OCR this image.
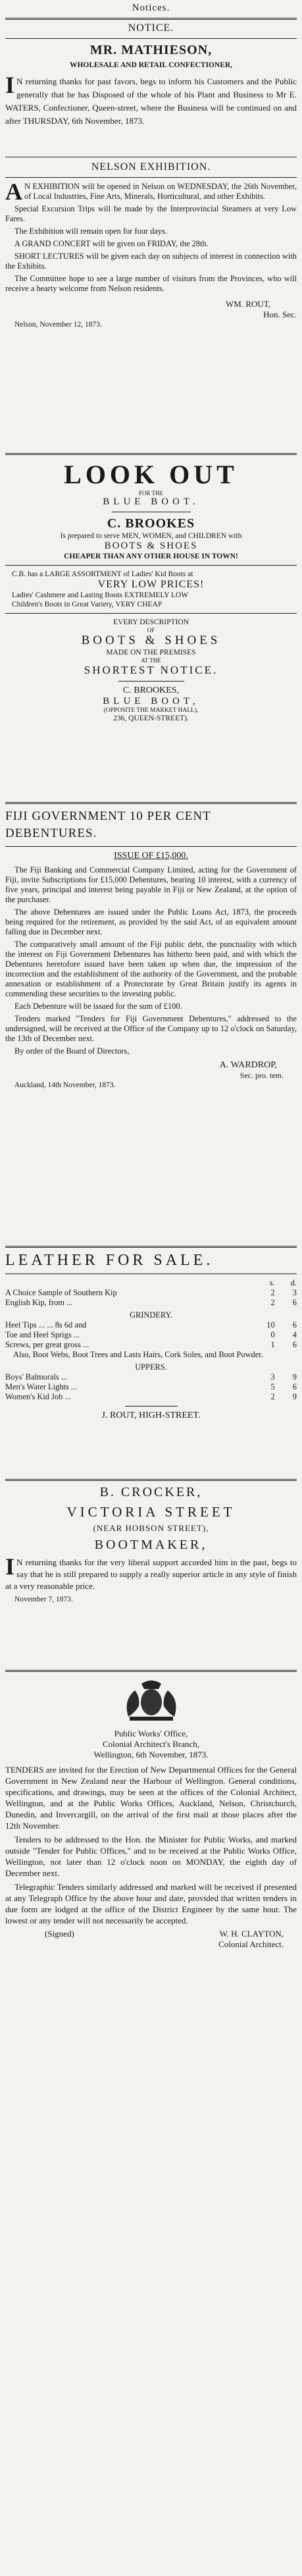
Notices.

NOTICE.

MR. MATHIESON,

WHOLESALE AND RETAIL CONFECTIONER,

I N returning thanks for past favors, begs to inform his Customers and the Public generally that he has Disposed of the whole of his Plant and Business to Mr E. WATERS, Confectioner, Queen-street, where the Business will be continued on and after THURSDAY, 6th November, 1873.

NELSON EXHIBITION.

A N EXHIBITION will be opened in Nelson on WEDNESDAY, the 26th November, of Local Industries, Fine Arts, Minerals, Horticultural, and other Exhibits.

Special Excursion Trips will be made by the Interprovincial Steamers at very Low Fares.

The Exhibition will remain open for four days.

A GRAND CONCERT will be given on FRIDAY, the 28th.

SHORT LECTURES will be given each day on subjects of interest in connection with the Exhibits.

The Committee hope to see a large number of visitors from the Provinces, who will receive a hearty welcome from Nelson residents.

WM. ROUT,

Hon. Sec.

Nelson, November 12, 1873.

LOOK OUT

FOR THE

BLUE BOOT.

C. BROOKES

Is prepared to serve MEN, WOMEN, and CHILDREN with

BOOTS & SHOES

CHEAPER THAN ANY OTHER HOUSE IN TOWN!

C.B. has a LARGE ASSORTMENT of Ladies' Kid Boots at

VERY LOW PRICES!

Ladies' Cashmere and Lasting Boots EXTREMELY LOW

Children's Boots in Great Variety, VERY CHEAP

EVERY DESCRIPTION

OF

BOOTS & SHOES

MADE ON THE PREMISES

AT THE

SHORTEST NOTICE.

C. BROOKES,

BLUE BOOT,

(OPPOSITE THE MARKET HALL),

236, QUEEN-STREET).

FIJI GOVERNMENT 10 PER CENT DEBENTURES.

ISSUE OF £15,000.

The Fiji Banking and Commercial Company Limited, acting for the Government of Fiji, invite Subscriptions for £15,000 Debentures, bearing 10 interest, with a currency of five years, principal and interest being payable in Fiji or New Zealand, at the option of the purchaser.

The above Debentures are issued under the Public Loans Act, 1873, the proceeds being required for the retirement, as provided by the said Act, of an equivalent amount falling due in December next.

The comparatively small amount of the Fiji public debt, the punctuality with which the interest on Fiji Government Debentures has hitherto been paid, and with which the Debentures heretofore issued have been taken up when due, the impression of the incorrection and the establishment of the authority of the Government, and the probable annexation or establishment of a Protectorate by Great Britain justify its agents in commending these securities to the investing public.

Each Debenture will be issued for the sum of £100.

Tenders marked "Tenders for Fiji Government Debentures," addressed to the undersigned, will be received at the Office of the Company up to 12 o'clock on Saturday, the 13th of December next.

By order of the Board of Directors,

A. WARDROP,

Sec. pro. tem.

Auckland, 14th November, 1873.

LEATHER FOR SALE.

	s.	d.
A Choice Sample of Southern Kip	2	3
English Kip, from ...	2	6
GRINDERY.		
Heel Tips ... ... 8s 6d and	10	6
Toe and Heel Sprigs ...	0	4
Screws, per great gross ...	1	6
Also, Boot Webs, Boot Trees and Lasts Hairs, Cork Soles, and Boot Powder.		
UPPERS.		
Boys' Balmorals ...	3	9
Men's Water Lights ...	5	6
Women's Kid Job ...	2	9

J. ROUT, HIGH-STREET.

B. CROCKER,

VICTORIA STREET

(NEAR HOBSON STREET),

BOOTMAKER,

I N returning thanks for the very liberal support accorded him in the past, begs to say that he is still prepared to supply a really superior article in any style of finish at a very reasonable price.

November 7, 1873.

Public Works' Office,

Colonial Architect's Branch,

Wellington, 6th November, 1873.

TENDERS are invited for the Erection of New Departmental Offices for the General Government in New Zealand near the Harbour of Wellington. General conditions, specifications, and drawings, may be seen at the offices of the Colonial Architect, Wellington, and at the Public Works Offices, Auckland, Nelson, Christchurch, Dunedin, and Invercargill, on the arrival of the first mail at those places after the 12th November.

Tenders to be addressed to the Hon. the Minister for Public Works, and marked outside "Tender for Public Offices," and to be received at the Public Works Office, Wellington, not later than 12 o'clock noon on MONDAY, the eighth day of December next.

Telegraphic Tenders similarly addressed and marked will be received if presented at any Telegraph Office by the above hour and date, provided that written tenders in due form are lodged at the office of the District Engineer by the same hour. The lowest or any tender will not necessarily be accepted.

(Signed)	W. H. CLAYTON,

Colonial Architect.
